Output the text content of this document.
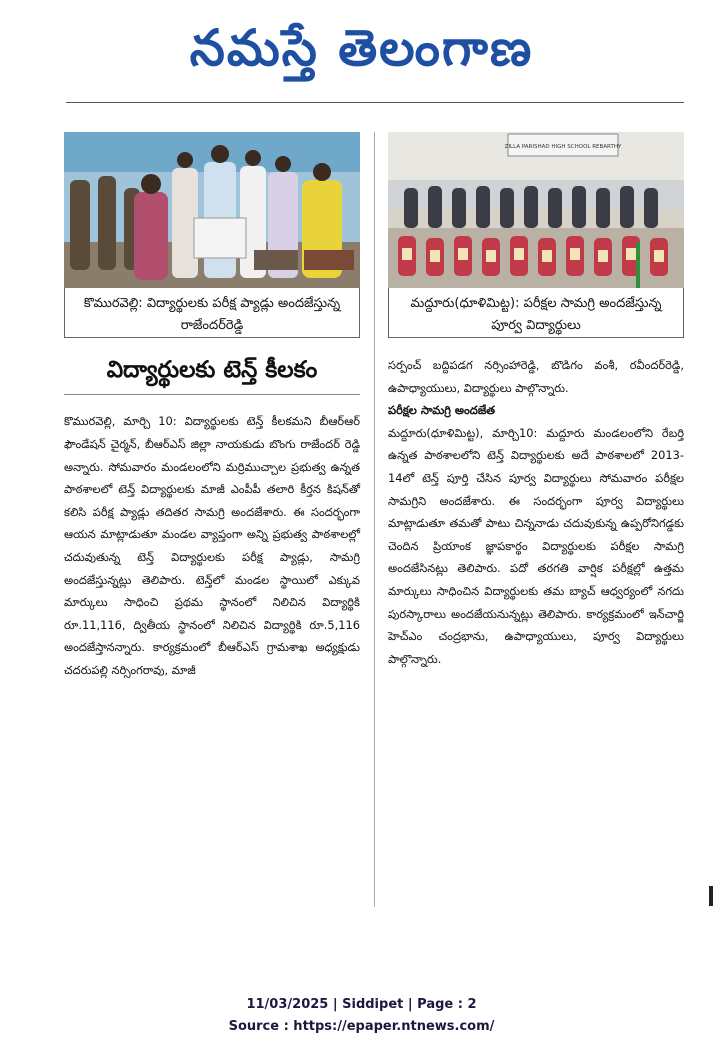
నమస్తే తెలంగాణ
కొమురవెల్లి: విద్యార్థులకు పరీక్ష ప్యాడ్లు అందజేస్తున్న రాజేందర్‌రెడ్డి
విద్యార్థులకు టెన్త్ కీలకం

కొమురవెల్లి, మార్చి 10: విద్యార్థులకు టెన్త్ కీలకమని బీఆర్‌ఆర్ ఫౌండేషన్ చైర్మన్, బీఆర్‌ఎస్ జిల్లా నాయకుడు బొంగు రాజేందర్ రెడ్డి అన్నారు. సోమవారం మండలంలోని మర్రిముచ్చాల ప్రభుత్వ ఉన్నత పాఠశాలలో టెన్త్ విద్యార్థులకు మాజీ ఎంపీపీ తలారి కీర్తన కిషన్‌తో కలిసి పరీక్ష ప్యాడ్లు తదితర సామగ్రి అందజేశారు. ఈ సందర్భంగా ఆయన మాట్లాడుతూ మండల వ్యాప్తంగా అన్ని ప్రభుత్వ పాఠశాలల్లో చదువుతున్న టెన్త్ విద్యార్థులకు పరీక్ష ప్యాడ్లు, సామగ్రి అందజేస్తున్నట్లు తెలిపారు. టెన్త్‌లో మండల స్థాయిలో ఎక్కువ మార్కులు సాధించి ప్రథమ స్థానంలో నిలిచిన విద్యార్థికి రూ.11,116, ద్వితీయ స్థానంలో నిలిచిన విద్యార్థికి రూ.5,116 అందజేస్తానన్నారు. కార్యక్రమంలో బీఆర్‌ఎస్ గ్రామశాఖ అధ్యక్షుడు చదరుపల్లి నర్సింగరావు, మాజీ

ZILLA PARISHAD HIGH SCHOOL REBARTHY
మద్దూరు(ధూళిమిట్ట): పరీక్షల సామగ్రి అందజేస్తున్న పూర్వ విద్యార్థులు
సర్పంచ్ బద్దిపడగ నర్సింహారెడ్డి, బొడిగం వంశీ, రవీందర్‌రెడ్డి, ఉపాధ్యాయులు, విద్యార్థులు పాల్గొన్నారు.
పరీక్షల సామగ్రి అందజేత
మద్దూరు(ధూళిమిట్ట), మార్చి10: మద్దూరు మండలంలోని రేబర్తి ఉన్నత పాఠశాలలోని టెన్త్ విద్యార్థులకు అదే పాఠశాలలో 2013-14లో టెన్త్ పూర్తి చేసిన పూర్వ విద్యార్థులు సోమవారం పరీక్షల సామగ్రిని అందజేశారు. ఈ సందర్భంగా పూర్వ విద్యార్థులు మాట్లాడుతూ తమతో పాటు చిన్ననాడు చదువుకున్న ఉప్పరోనిగడ్డకు చెందిన ప్రియాంక జ్ఞాపకార్థం విద్యార్థులకు పరీక్షల సామగ్రి అందజేసినట్లు తెలిపారు. పదో తరగతి వార్షిక పరీక్షల్లో ఉత్తమ మార్కులు సాధించిన విద్యార్థులకు తమ బ్యాచ్ ఆధ్వర్యంలో నగదు పురస్కారాలు అందజేయనున్నట్లు తెలిపారు. కార్యక్రమంలో ఇన్‌చార్జి హెచ్‌ఎం చంద్రభాను, ఉపాధ్యాయులు, పూర్వ విద్యార్థులు పాల్గొన్నారు.
11/03/2025 | Siddipet | Page : 2
Source : https://epaper.ntnews.com/
